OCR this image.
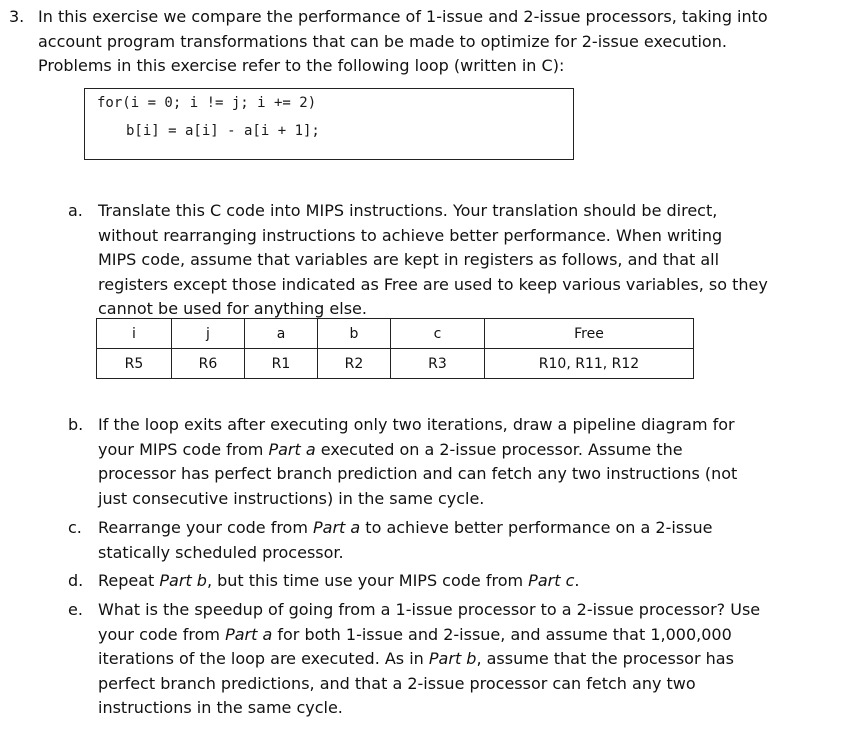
3. In this exercise we compare the performance of 1-issue and 2-issue processors, taking into
account program transformations that can be made to optimize for 2-issue execution.
Problems in this exercise refer to the following loop (written in C):
for(i = 0; i != j; i += 2)
b[i] = a[i] - a[i + 1];
a. Translate this C code into MIPS instructions. Your translation should be direct,
without rearranging instructions to achieve better performance. When writing
MIPS code, assume that variables are kept in registers as follows, and that all
registers except those indicated as Free are used to keep various variables, so they
cannot be used for anything else.
i	j	a	b	c	Free
R5	R6	R1	R2	R3	R10, R11, R12
b. If the loop exits after executing only two iterations, draw a pipeline diagram for
your MIPS code from Part a executed on a 2-issue processor. Assume the
processor has perfect branch prediction and can fetch any two instructions (not
just consecutive instructions) in the same cycle.
c. Rearrange your code from Part a to achieve better performance on a 2-issue
statically scheduled processor.
d. Repeat Part b, but this time use your MIPS code from Part c.
e. What is the speedup of going from a 1-issue processor to a 2-issue processor? Use
your code from Part a for both 1-issue and 2-issue, and assume that 1,000,000
iterations of the loop are executed. As in Part b, assume that the processor has
perfect branch predictions, and that a 2-issue processor can fetch any two
instructions in the same cycle.
